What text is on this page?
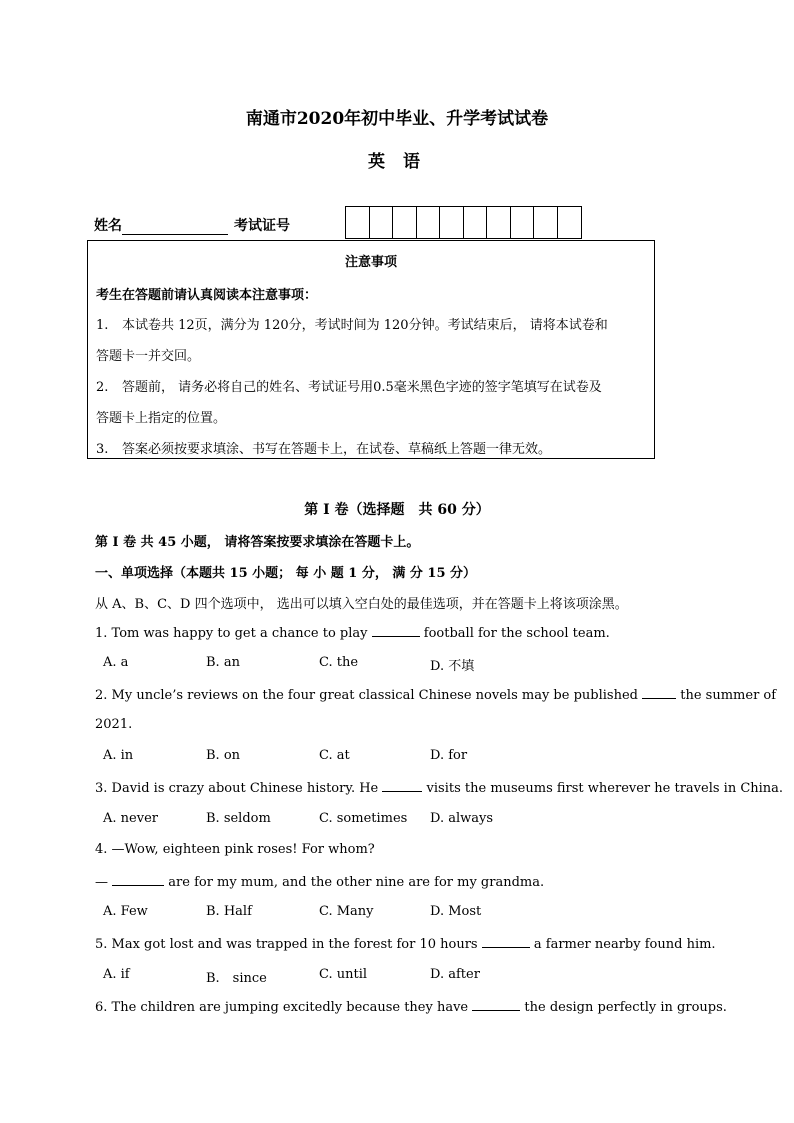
南通市2020年初中毕业、升学考试试卷
英 语
姓名	考试证号
注意事项
考生在答题前请认真阅读本注意事项：
1. 本试卷共 12页，满分为 120分，考试时间为 120分钟。考试结束后， 请将本试卷和
答题卡一并交回。
2. 答题前， 请务必将自己的姓名、考试证号用0.5毫米黑色字迹的签字笔填写在试卷及
答题卡上指定的位置。
3. 答案必须按要求填涂、书写在答题卡上，在试卷、草稿纸上答题一律无效。
第 I 卷（选择题　共 60 分）
第 I 卷 共 45 小题， 请将答案按要求填涂在答题卡上。
一、单项选择（本题共 15 小题； 每 小 题 1 分， 满 分 15 分）
从 A、B、C、D 四个选项中， 选出可以填入空白处的最佳选项，并在答题卡上将该项涂黑。
1. Tom was happy to get a chance to play	football for the school team.
A. a	B. an	C. the	D. 不填
2. My uncle’s reviews on the four great classical Chinese novels may be published	the summer of
2021.
A. in	B. on	C. at	D. for
3. David is crazy about Chinese history. He	visits the museums first wherever he travels in China.
A. never	B. seldom	C. sometimes D. always
4. —Wow, eighteen pink roses! For whom?
—	are for my mum, and the other nine are for my grandma.
A. Few	B. Half	C. Many	D. Most
5. Max got lost and was trapped in the forest for 10 hours	a farmer nearby found him.
A. if	B.　since	C. until	D. after
6. The children are jumping excitedly because they have	the design perfectly in groups.
